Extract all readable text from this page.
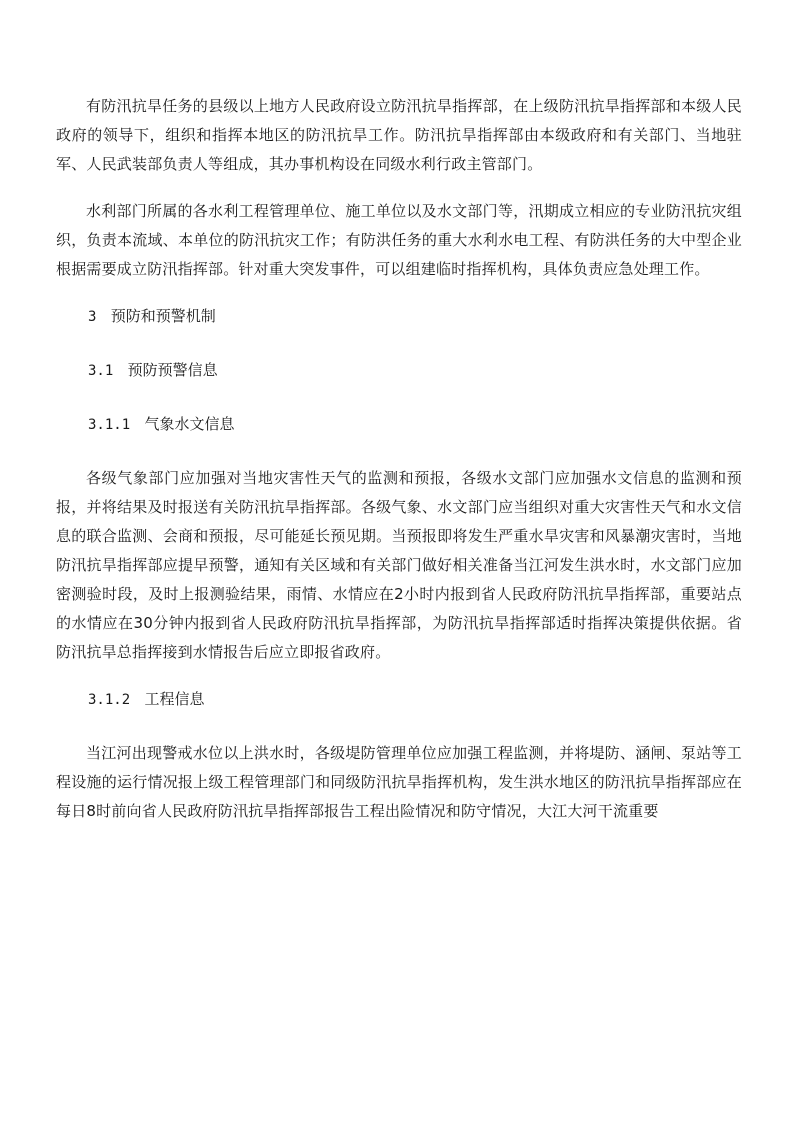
有防汛抗旱任务的县级以上地方人民政府设立防汛抗旱指挥部，在上级防汛抗旱指挥部和本级人民政府的领导下，组织和指挥本地区的防汛抗旱工作。防汛抗旱指挥部由本级政府和有关部门、当地驻军、人民武装部负责人等组成，其办事机构设在同级水利行政主管部门。

水利部门所属的各水利工程管理单位、施工单位以及水文部门等，汛期成立相应的专业防汛抗灾组织，负责本流域、本单位的防汛抗灾工作；有防洪任务的重大水利水电工程、有防洪任务的大中型企业根据需要成立防汛指挥部。针对重大突发事件，可以组建临时指挥机构，具体负责应急处理工作。

3 预防和预警机制
3.1 预防预警信息
3.1.1 气象水文信息

各级气象部门应加强对当地灾害性天气的监测和预报，各级水文部门应加强水文信息的监测和预报，并将结果及时报送有关防汛抗旱指挥部。各级气象、水文部门应当组织对重大灾害性天气和水文信息的联合监测、会商和预报，尽可能延长预见期。当预报即将发生严重水旱灾害和风暴潮灾害时，当地防汛抗旱指挥部应提早预警，通知有关区域和有关部门做好相关准备当江河发生洪水时，水文部门应加密测验时段，及时上报测验结果，雨情、水情应在2小时内报到省人民政府防汛抗旱指挥部，重要站点的水情应在30分钟内报到省人民政府防汛抗旱指挥部，为防汛抗旱指挥部适时指挥决策提供依据。省防汛抗旱总指挥接到水情报告后应立即报省政府。

3.1.2 工程信息

当江河出现警戒水位以上洪水时，各级堤防管理单位应加强工程监测，并将堤防、涵闸、泵站等工程设施的运行情况报上级工程管理部门和同级防汛抗旱指挥机构，发生洪水地区的防汛抗旱指挥部应在每日8时前向省人民政府防汛抗旱指挥部报告工程出险情况和防守情况，大江大河干流重要
